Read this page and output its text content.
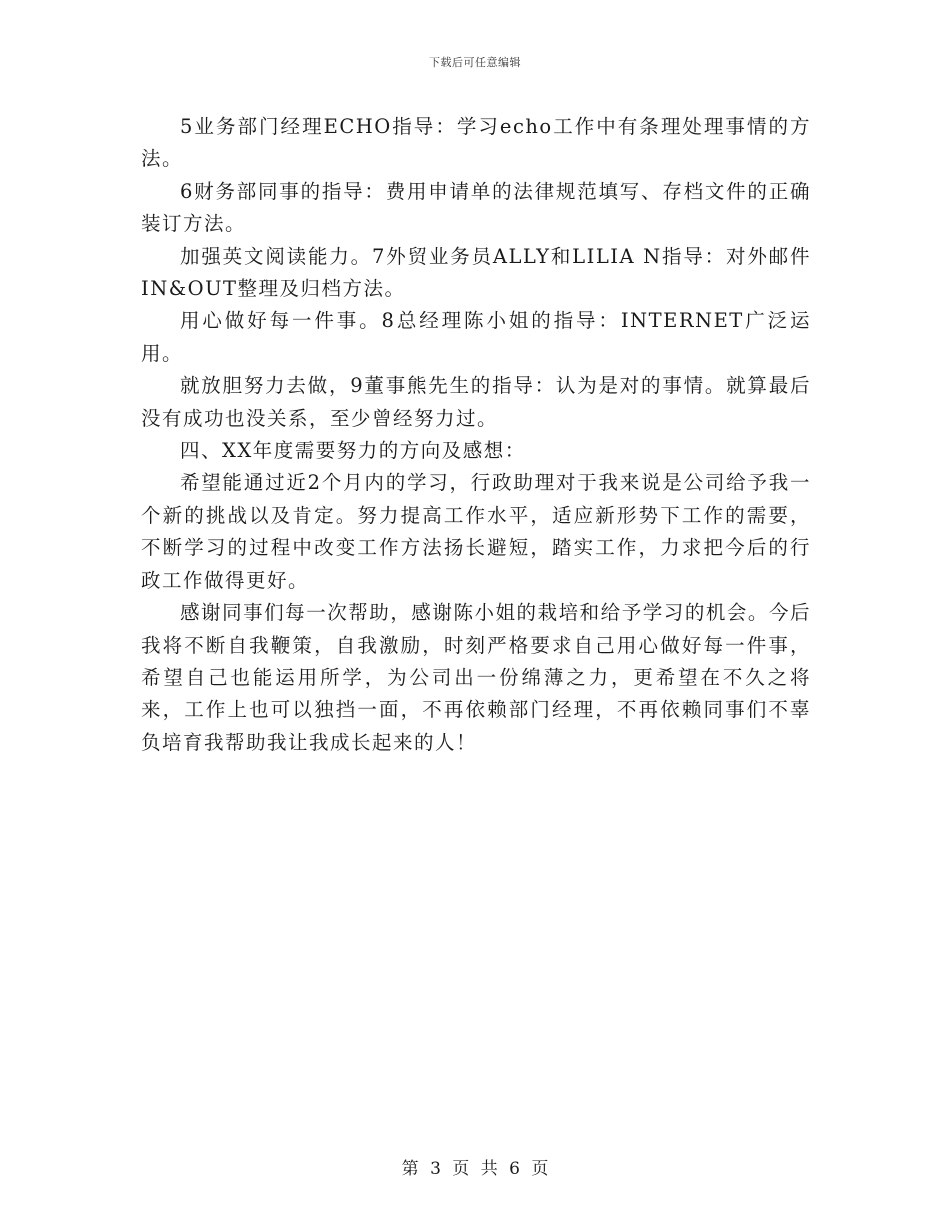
下载后可任意编辑

5业务部门经理ECHO指导：学习echo工作中有条理处理事情的方法。

6财务部同事的指导：费用申请单的法律规范填写、存档文件的正确装订方法。

加强英文阅读能力。7外贸业务员ALLY和LILIA N指导：对外邮件IN&OUT整理及归档方法。

用心做好每一件事。8总经理陈小姐的指导：INTERNET广泛运用。

就放胆努力去做，9董事熊先生的指导：认为是对的事情。就算最后没有成功也没关系，至少曾经努力过。

四、XX年度需要努力的方向及感想：

希望能通过近2个月内的学习，行政助理对于我来说是公司给予我一个新的挑战以及肯定。努力提高工作水平，适应新形势下工作的需要，不断学习的过程中改变工作方法扬长避短，踏实工作，力求把今后的行政工作做得更好。

感谢同事们每一次帮助，感谢陈小姐的栽培和给予学习的机会。今后我将不断自我鞭策，自我激励，时刻严格要求自己用心做好每一件事，希望自己也能运用所学，为公司出一份绵薄之力，更希望在不久之将来，工作上也可以独挡一面，不再依赖部门经理，不再依赖同事们不辜负培育我帮助我让我成长起来的人！

第 3 页 共 6 页
